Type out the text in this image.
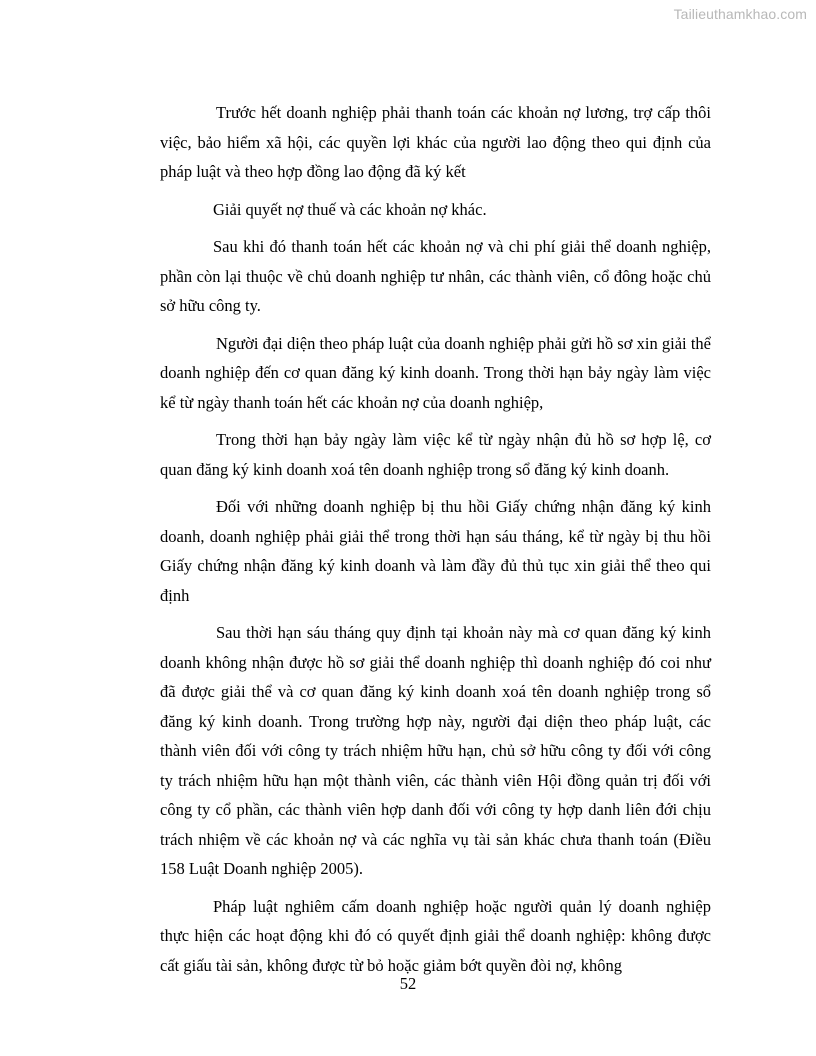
Tailieuthamkhao.com

Trước hết doanh nghiệp phải thanh toán các khoản nợ lương, trợ cấp thôi việc, bảo hiểm xã hội, các quyền lợi khác của người lao động theo qui định của pháp luật và theo hợp đồng lao động đã ký kết

Giải quyết nợ thuế và các khoản nợ khác.

Sau khi đó thanh toán hết các khoản nợ và chi phí giải thể doanh nghiệp, phần còn lại thuộc về chủ doanh nghiệp tư nhân, các thành viên, cổ đông hoặc chủ sở hữu công ty.

Người đại diện theo pháp luật của doanh nghiệp phải gửi hồ sơ xin giải thể doanh nghiệp đến cơ quan đăng ký kinh doanh. Trong thời hạn bảy ngày làm việc kể từ ngày thanh toán hết các khoản nợ của doanh nghiệp,

Trong thời hạn bảy ngày làm việc kể từ ngày nhận đủ hồ sơ hợp lệ, cơ quan đăng ký kinh doanh xoá tên doanh nghiệp trong sổ đăng ký kinh doanh.

Đối với những doanh nghiệp bị thu hồi Giấy chứng nhận đăng ký kinh doanh, doanh nghiệp phải giải thể trong thời hạn sáu tháng, kể từ ngày bị thu hồi Giấy chứng nhận đăng ký kinh doanh và làm đầy đủ thủ tục xin giải thể theo qui định

Sau thời hạn sáu tháng quy định tại khoản này mà cơ quan đăng ký kinh doanh không nhận được hồ sơ giải thể doanh nghiệp thì doanh nghiệp đó coi như đã được giải thể và cơ quan đăng ký kinh doanh xoá tên doanh nghiệp trong sổ đăng ký kinh doanh. Trong trường hợp này, người đại diện theo pháp luật, các thành viên đối với công ty trách nhiệm hữu hạn, chủ sở hữu công ty đối với công ty trách nhiệm hữu hạn một thành viên, các thành viên Hội đồng quản trị đối với công ty cổ phần, các thành viên hợp danh đối với công ty hợp danh liên đới chịu trách nhiệm về các khoản nợ và các nghĩa vụ tài sản khác chưa thanh toán (Điều 158 Luật Doanh nghiệp 2005).

Pháp luật nghiêm cấm doanh nghiệp hoặc người quản lý doanh nghiệp thực hiện các hoạt động khi đó có quyết định giải thể doanh nghiệp: không được cất giấu tài sản, không được từ bỏ hoặc giảm bớt quyền đòi nợ, không

52
